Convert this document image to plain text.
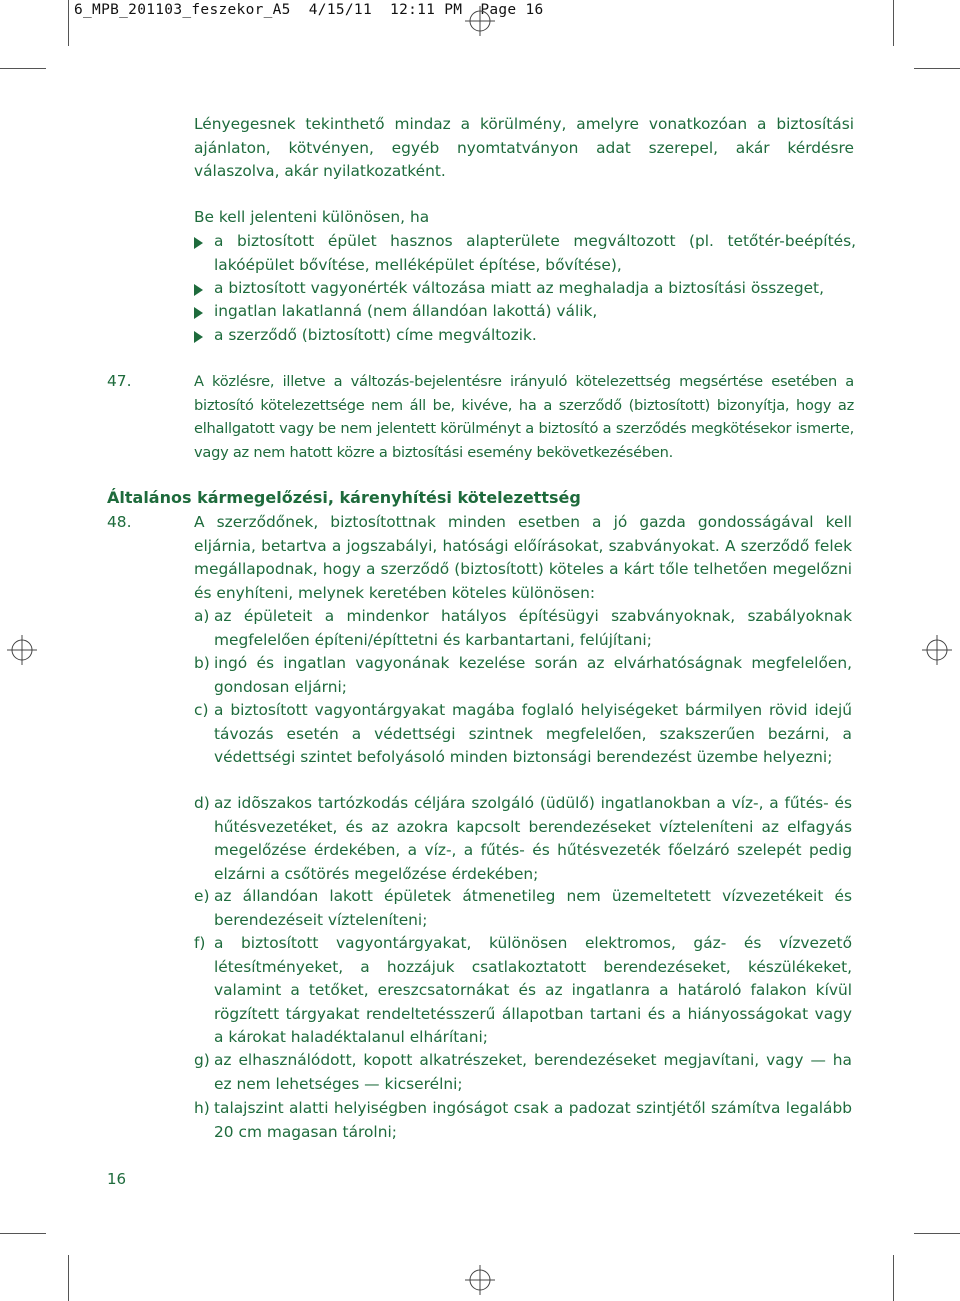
6_MPB_201103_feszekor_A5  4/15/11  12:11 PM  Page 16
Lényegesnek tekinthető mindaz a körülmény, amelyre vonatkozóan a biztosítási ajánlaton, kötvényen, egyéb nyomtatványon adat szerepel, akár kérdésre válaszolva, akár nyilatkozatként.
Be kell jelenteni különösen, ha
a biztosított épület hasznos alapterülete megváltozott (pl. tetőtér-beépítés, lakóépület bővítése, melléképület építése, bővítése),
a biztosított vagyonérték változása miatt az meghaladja a biztosítási összeget,
ingatlan lakatlanná (nem állandóan lakottá) válik,
a szerződő (biztosított) címe megváltozik.
47.	A közlésre, illetve a változás-bejelentésre irányuló kötelezettség megsértése esetében a biztosító kötelezettsége nem áll be, kivéve, ha a szerződő (biztosított) bizonyítja, hogy az elhallgatott vagy be nem jelentett körülményt a biztosító a szerződés megkötésekor ismerte, vagy az nem hatott közre a biztosítási esemény bekövetkezésében.
Általános kármegelőzési, kárenyhítési kötelezettség
48.	A szerződőnek, biztosítottnak minden esetben a jó gazda gondosságával kell eljárnia, betartva a jogszabályi, hatósági előírásokat, szabványokat. A szerződő felek megállapodnak, hogy a szerződő (biztosított) köteles a kárt tőle telhetően megelőzni és enyhíteni, melynek keretében köteles különösen:
a) az épületeit a mindenkor hatályos építésügyi szabványoknak, szabályoknak megfelelően építeni/építtetni és karbantartani, felújítani;
b) ingó és ingatlan vagyonának kezelése során az elvárhatóságnak megfelelően, gondosan eljárni;
c) a biztosított vagyontárgyakat magába foglaló helyiségeket bármilyen rövid idejű távozás esetén a védettségi szintnek megfelelően, szakszerűen bezárni, a védettségi szintet befolyásoló minden biztonsági berendezést üzembe helyezni;
d) az idõszakos tartózkodás céljára szolgáló (üdülő) ingatlanokban a víz-, a fűtés- és hűtésvezetéket, és az azokra kapcsolt berendezéseket vízteleníteni az elfagyás megelőzése érdekében, a víz-, a fűtés- és hűtésvezeték főelzáró szelepét pedig elzárni a csőtörés megelőzése érdekében;
e) az állandóan lakott épületek átmenetileg nem üzemeltetett vízvezetékeit és berendezéseit vízteleníteni;
f) a biztosított vagyontárgyakat, különösen elektromos, gáz- és vízvezető létesítményeket, a hozzájuk csatlakoztatott berendezéseket, készülékeket, valamint a tetőket, ereszcsatornákat és az ingatlanra a határoló falakon kívül rögzített tárgyakat rendeltetésszerű állapotban tartani és a hiányosságokat vagy a károkat haladéktalanul elhárítani;
g) az elhasználódott, kopott alkatrészeket, berendezéseket megjavítani, vagy — ha ez nem lehetséges — kicserélni;
h) talajszint alatti helyiségben ingóságot csak a padozat szintjétől számítva legalább 20 cm magasan tárolni;
16
